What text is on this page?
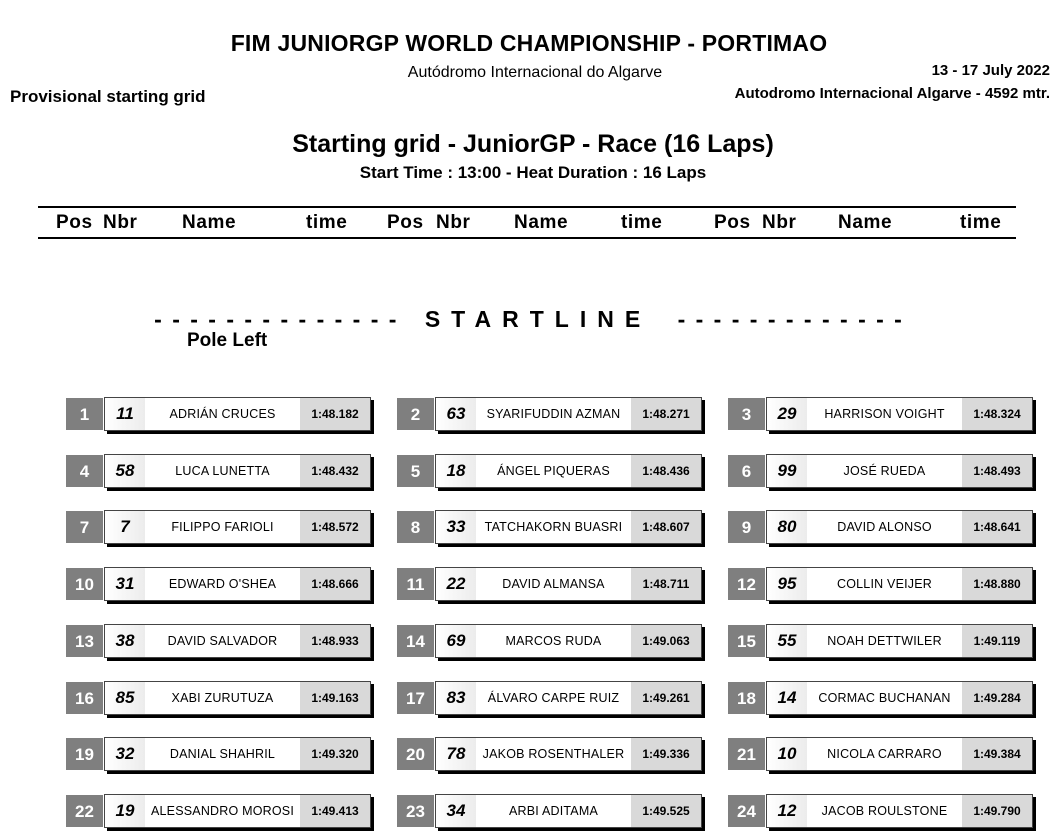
FIM JUNIORGP WORLD CHAMPIONSHIP - PORTIMAO
Autódromo Internacional do Algarve	13 - 17 July 2022
Autodromo Internacional Algarve - 4592 mtr.
Provisional starting grid
Starting grid - JuniorGP - Race (16 Laps)
Start Time : 13:00 - Heat Duration : 16 Laps
Pos Nbr Name	time Pos Nbr Name	time	Pos Nbr Name	time
- - - - - - - - - - - - - - STARTLINE - - - - - - - - - - - - -
Pole Left
1	11	ADRIÁN CRUCES	1:48.182	2	63	SYARIFUDDIN AZMAN	1:48.271	3	29	HARRISON VOIGHT	1:48.324
4	58	LUCA LUNETTA	1:48.432	5	18	ÁNGEL PIQUERAS	1:48.436	6	99	JOSÉ RUEDA	1:48.493
7	7	FILIPPO FARIOLI	1:48.572	8	33	TATCHAKORN BUASRI	1:48.607	9	80	DAVID ALONSO	1:48.641
10	31	EDWARD O'SHEA	1:48.666	11	22	DAVID ALMANSA	1:48.711	12	95	COLLIN VEIJER	1:48.880
13	38	DAVID SALVADOR	1:48.933	14	69	MARCOS RUDA	1:49.063	15	55	NOAH DETTWILER	1:49.119
16	85	XABI ZURUTUZA	1:49.163	17	83	ÁLVARO CARPE RUIZ	1:49.261	18	14	CORMAC BUCHANAN	1:49.284
19	32	DANIAL SHAHRIL	1:49.320	20	78	JAKOB ROSENTHALER	1:49.336	21	10	NICOLA CARRARO	1:49.384
22	19	ALESSANDRO MOROSI	1:49.413	23	34	ARBI ADITAMA	1:49.525	24	12	JACOB ROULSTONE	1:49.790
